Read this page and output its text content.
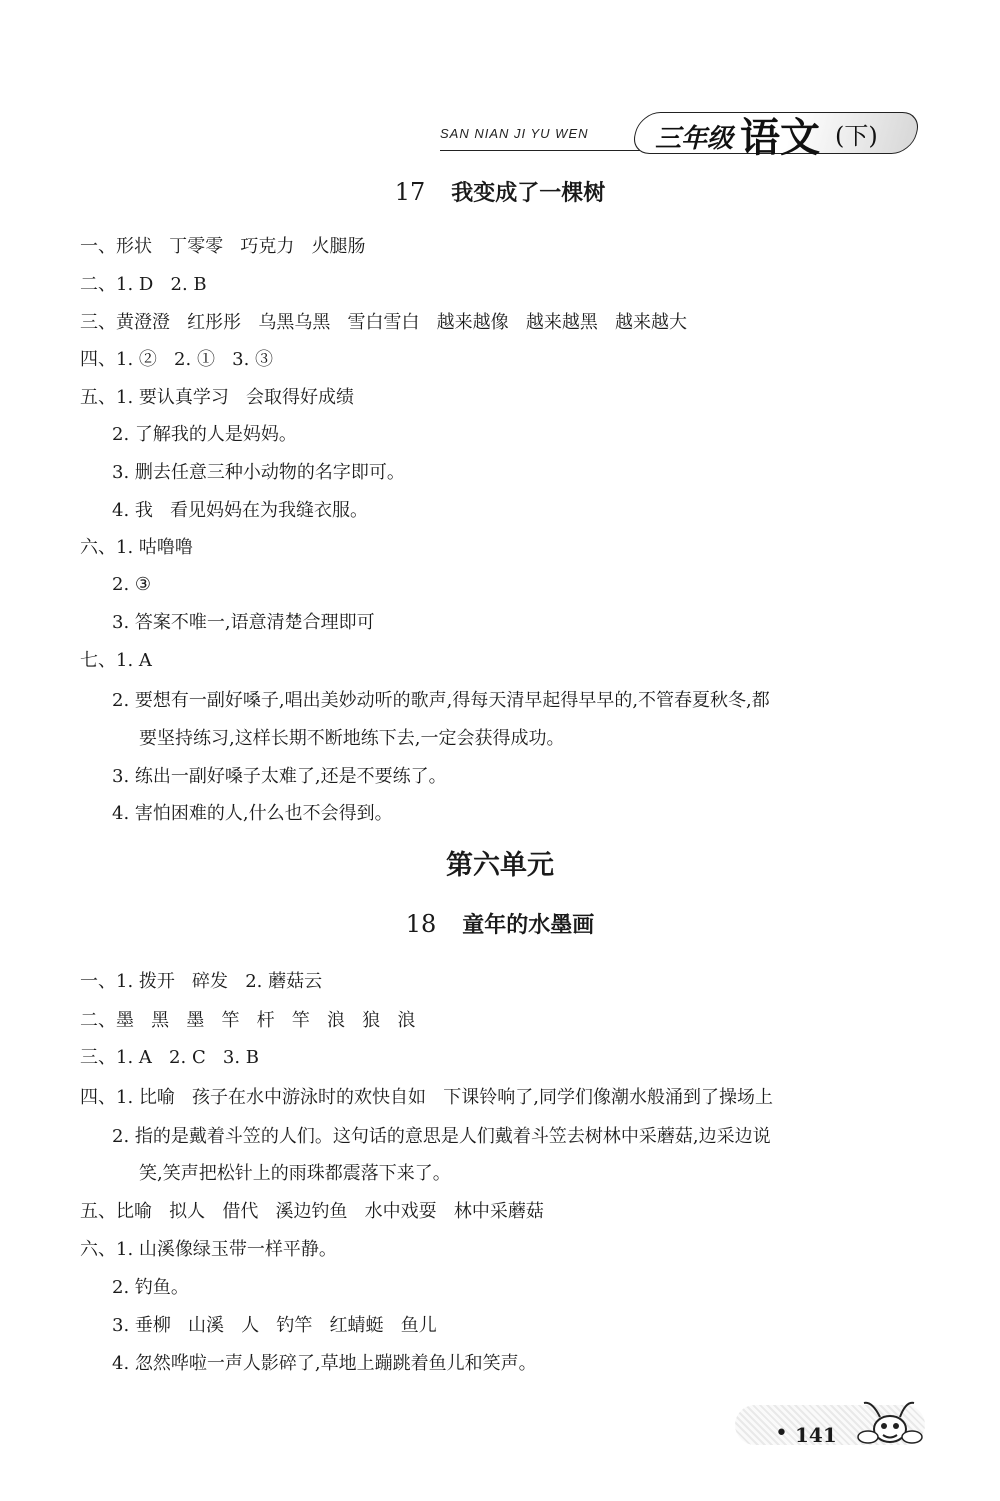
SAN NIAN JI YU WEN	三年级 语文 (下)
17 我变成了一棵树
一、形状   丁零零   巧克力   火腿肠
二、1. D   2. B
三、黄澄澄   红彤彤   乌黑乌黑   雪白雪白   越来越像   越来越黑   越来越大
四、1. ②   2. ①   3. ③
五、1. 要认真学习   会取得好成绩
2. 了解我的人是妈妈。
3. 删去任意三种小动物的名字即可。
4. 我   看见妈妈在为我缝衣服。
六、1. 咕噜噜
2. ③
3. 答案不唯一,语意清楚合理即可
七、1. A
2. 要想有一副好嗓子,唱出美妙动听的歌声,得每天清早起得早早的,不管春夏秋冬,都
要坚持练习,这样长期不断地练下去,一定会获得成功。
3. 练出一副好嗓子太难了,还是不要练了。
4. 害怕困难的人,什么也不会得到。
第六单元
18 童年的水墨画
一、1. 拨开   碎发   2. 蘑菇云
二、墨   黑   墨   竿   杆   竿   浪   狼   浪
三、1. A   2. C   3. B
四、1. 比喻   孩子在水中游泳时的欢快自如   下课铃响了,同学们像潮水般涌到了操场上
2. 指的是戴着斗笠的人们。这句话的意思是人们戴着斗笠去树林中采蘑菇,边采边说
笑,笑声把松针上的雨珠都震落下来了。
五、比喻   拟人   借代   溪边钓鱼   水中戏耍   林中采蘑菇
六、1. 山溪像绿玉带一样平静。
2. 钓鱼。
3. 垂柳   山溪   人   钓竿   红蜻蜓   鱼儿
4. 忽然哗啦一声人影碎了,草地上蹦跳着鱼儿和笑声。
• 141
